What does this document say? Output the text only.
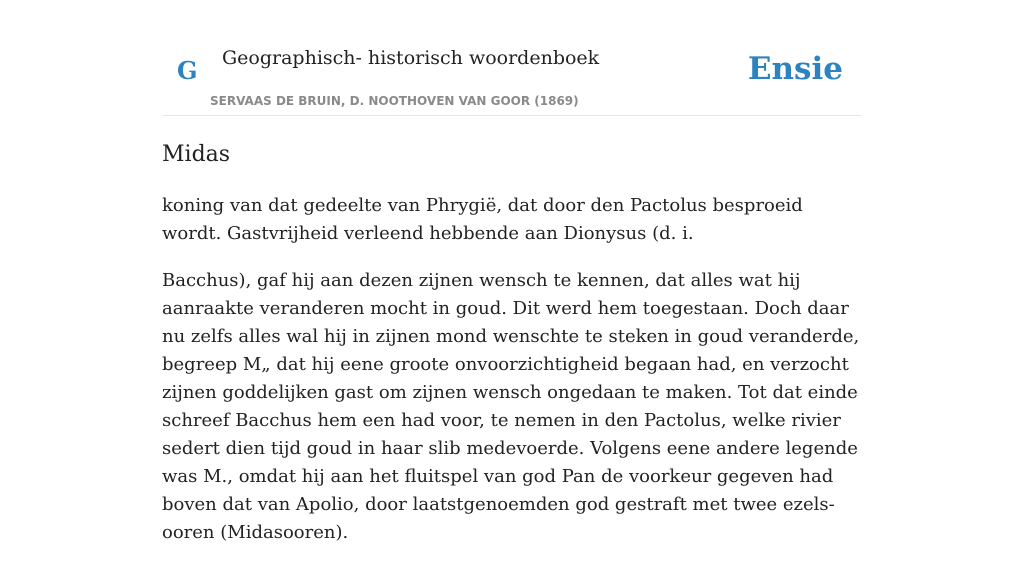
G Geographisch- historisch woordenboek
SERVAAS DE BRUIN, D. NOOTHOVEN VAN GOOR (1869)
Ensie
Midas

koning van dat gedeelte van Phrygië, dat door den Pactolus besproeid wordt. Gastvrijheid verleend hebbende aan Dionysus (d. i.

Bacchus), gaf hij aan dezen zijnen wensch te kennen, dat alles wat hij aanraakte veranderen mocht in goud. Dit werd hem toegestaan. Doch daar nu zelfs alles wal hij in zijnen mond wenschte te steken in goud veranderde, begreep M„ dat hij eene groote onvoorzichtigheid begaan had, en verzocht zijnen goddelijken gast om zijnen wensch ongedaan te maken. Tot dat einde schreef Bacchus hem een had voor, te nemen in den Pactolus, welke rivier sedert dien tijd goud in haar slib medevoerde. Volgens eene andere legende was M., omdat hij aan het fluitspel van god Pan de voorkeur gegeven had boven dat van Apolio, door laatstgenoemden god gestraft met twee ezels-ooren (Midasooren).
